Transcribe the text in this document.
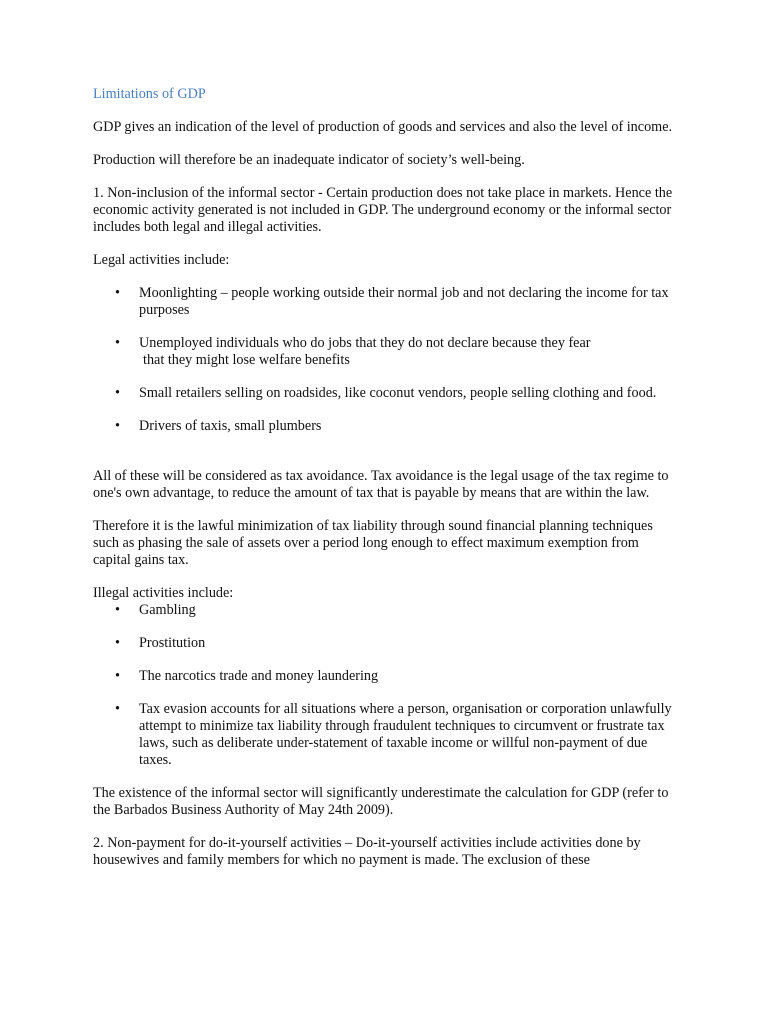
Limitations of GDP

GDP gives an indication of the level of production of goods and services and also the level of income.

Production will therefore be an inadequate indicator of society’s well-being.

1. Non-inclusion of the informal sector - Certain production does not take place in markets. Hence the economic activity generated is not included in GDP. The underground economy or the informal sector includes both legal and illegal activities.

Legal activities include:

• Moonlighting – people working outside their normal job and not declaring the income for tax purposes
• Unemployed individuals who do jobs that they do not declare because they fear
that they might lose welfare benefits
• Small retailers selling on roadsides, like coconut vendors, people selling clothing and food.
• Drivers of taxis, small plumbers

All of these will be considered as tax avoidance. Tax avoidance is the legal usage of the tax regime to one's own advantage, to reduce the amount of tax that is payable by means that are within the law.

Therefore it is the lawful minimization of tax liability through sound financial planning techniques such as phasing the sale of assets over a period long enough to effect maximum exemption from capital gains tax.

Illegal activities include:

• Gambling
• Prostitution
• The narcotics trade and money laundering
• Tax evasion accounts for all situations where a person, organisation or corporation unlawfully attempt to minimize tax liability through fraudulent techniques to circumvent or frustrate tax laws, such as deliberate under-statement of taxable income or willful non-payment of due taxes.

The existence of the informal sector will significantly underestimate the calculation for GDP (refer to the Barbados Business Authority of May 24th 2009).

2. Non-payment for do-it-yourself activities – Do-it-yourself activities include activities done by housewives and family members for which no payment is made. The exclusion of these
